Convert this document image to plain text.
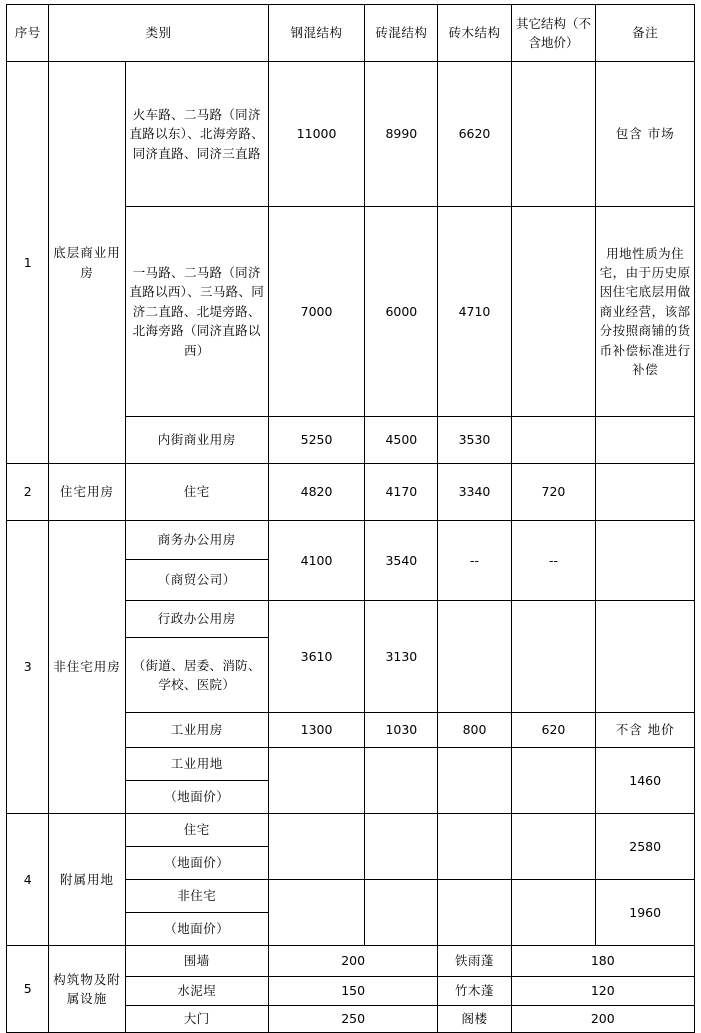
序号	类别		钢混结构	砖混结构	砖木结构	其它结构（不含地价）	备注
1	底层商业用房	火车路、二马路（同济直路以东）、北海旁路、同济直路、同济三直路	11000	8990	6620		包含 市场
		一马路、二马路（同济直路以西）、三马路、同济二直路、北堤旁路、北海旁路（同济直路以西）	7000	6000	4710		用地性质为住宅，由于历史原因住宅底层用做商业经营，该部分按照商铺的货币补偿标准进行补偿
		内街商业用房	5250	4500	3530		
2	住宅用房	住宅	4820	4170	3340	720	
3	非住宅用房	商务办公用房	4100	3540	--	--	
		（商贸公司）					
		行政办公用房	3610	3130			
		（街道、居委、消防、学校、医院）					
		工业用房	1300	1030	800	620	不含 地价
		工业用地					1460
		（地面价）					
4	附属用地	住宅					2580
		（地面价）					
		非住宅					1960
		（地面价）					
5	构筑物及附属设施	围墙	200		铁雨蓬	180	
		水泥埕	150		竹木蓬	120	
		大门	250		阁楼	200	
